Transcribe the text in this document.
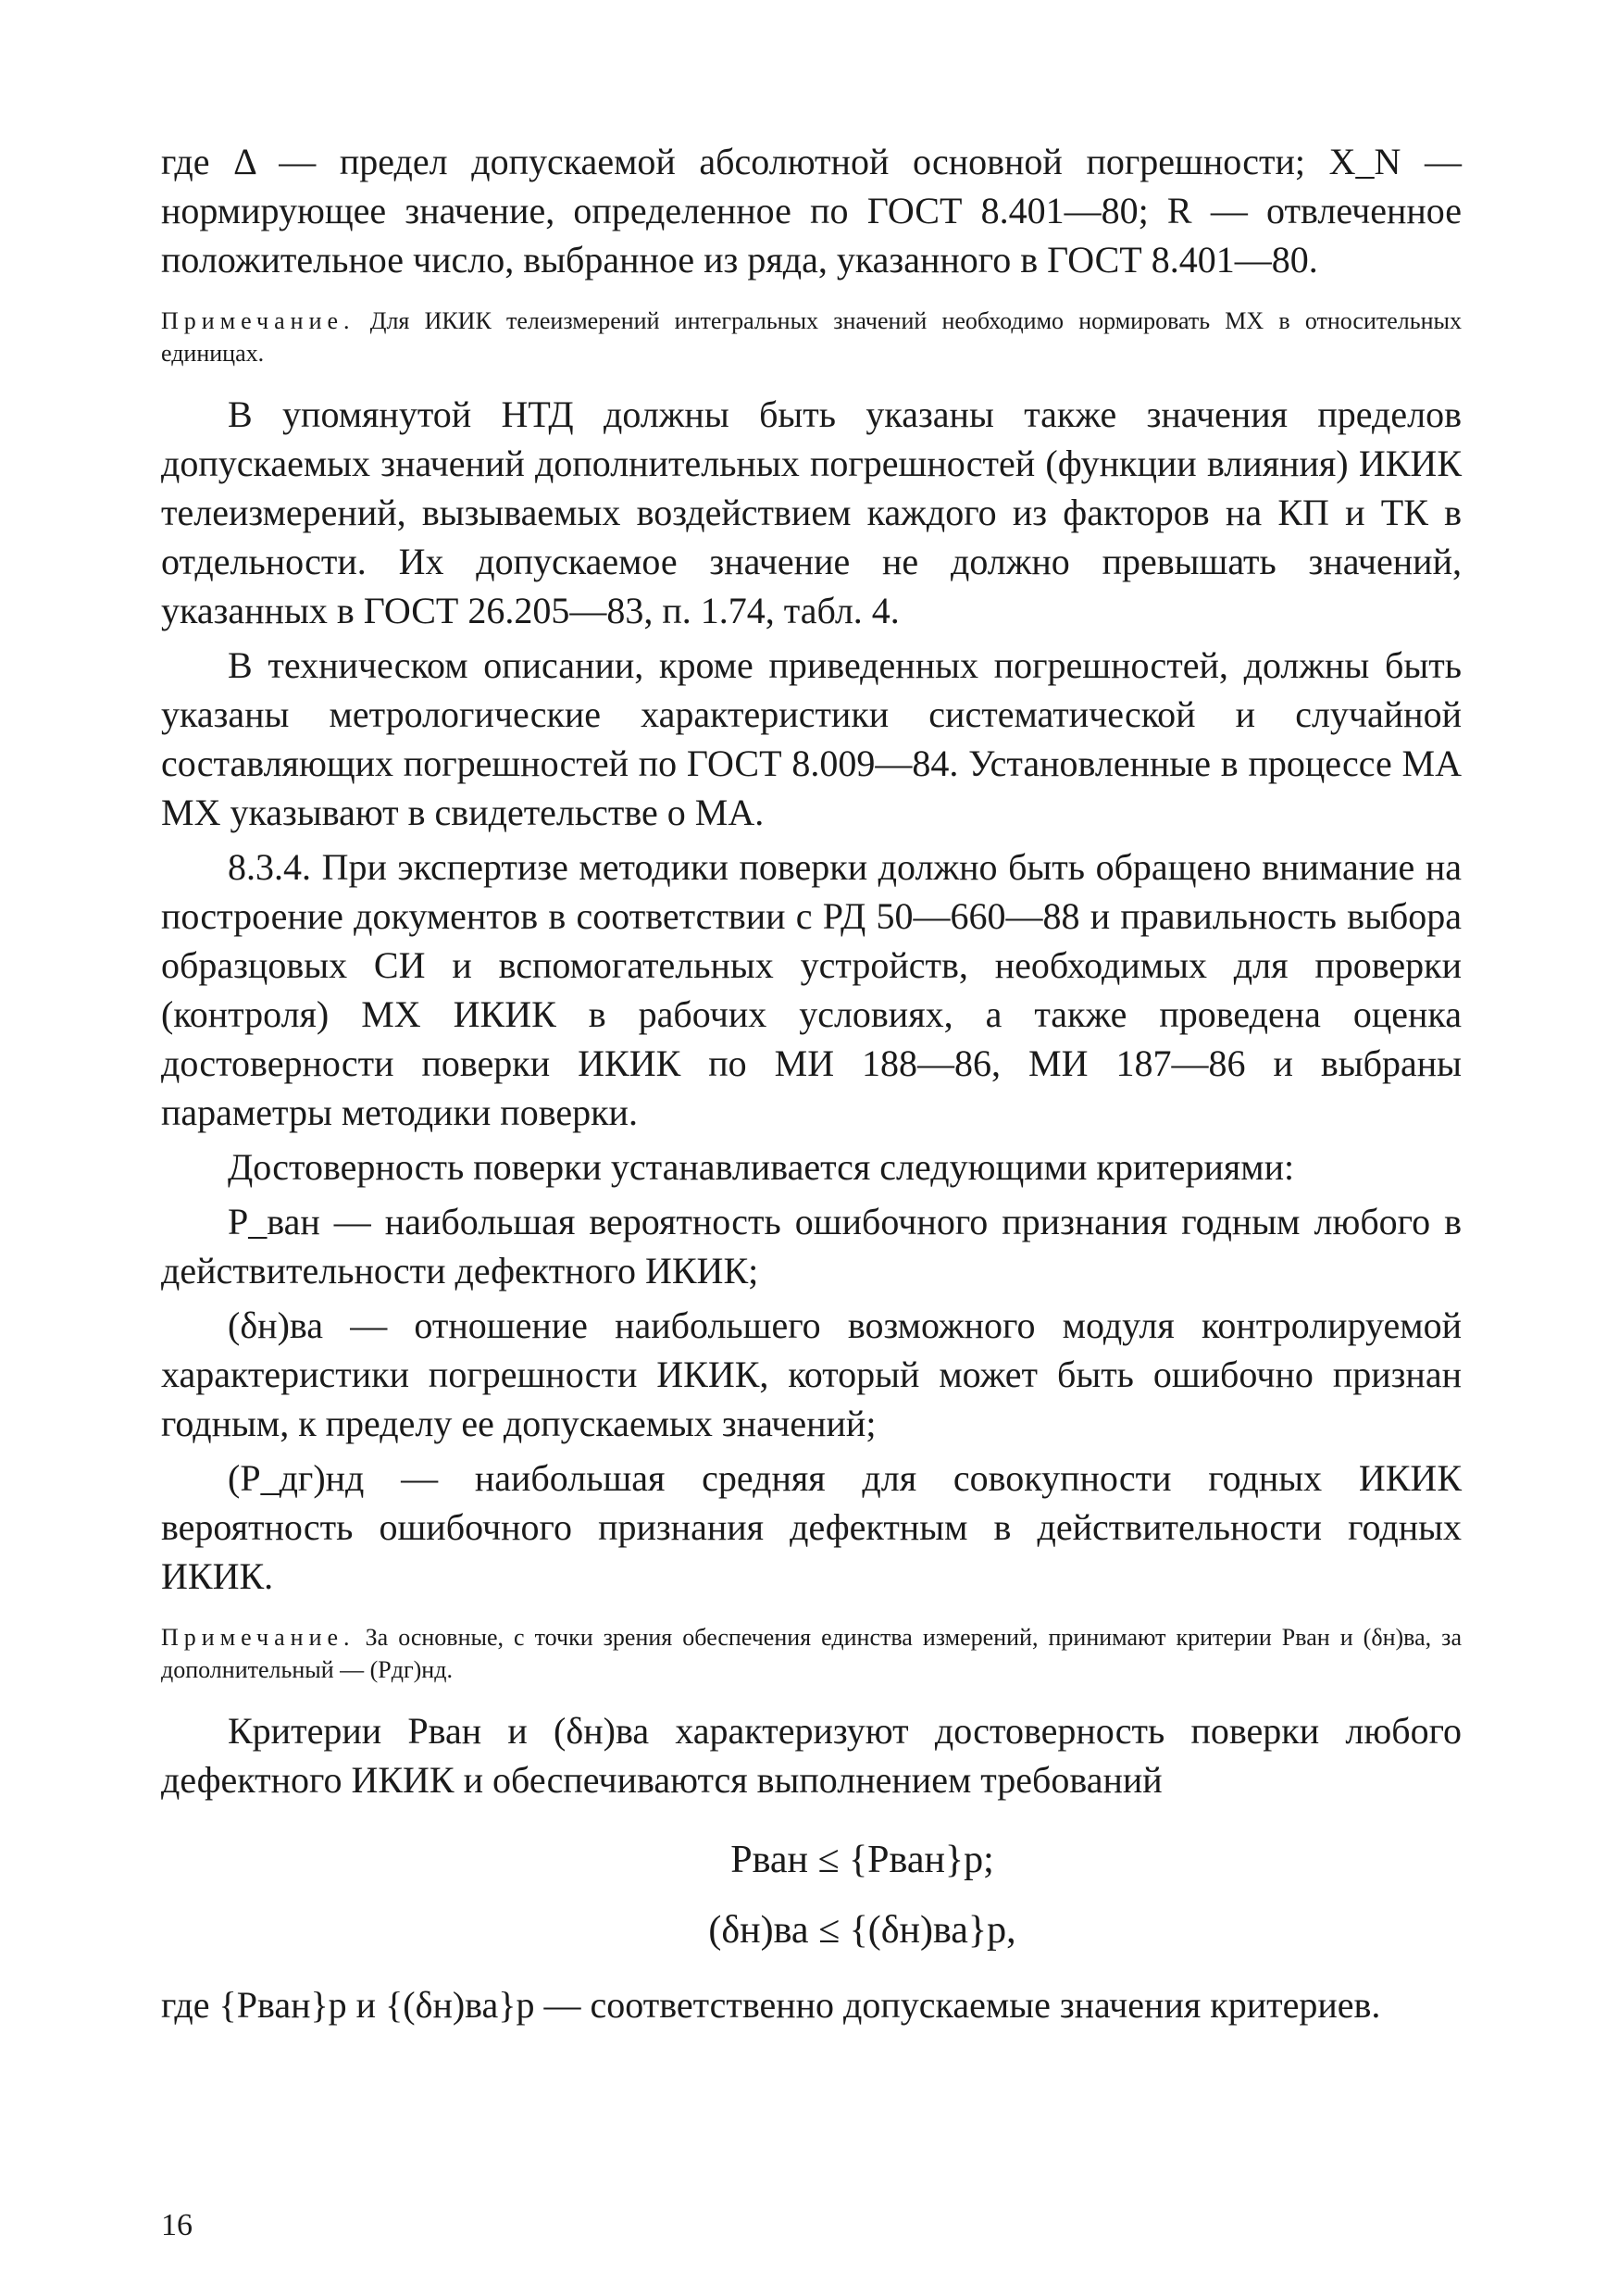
где Δ — предел допускаемой абсолютной основной погрешности; X_N — нормирующее значение, определенное по ГОСТ 8.401—80; R — отвлеченное положительное число, выбранное из ряда, указанного в ГОСТ 8.401—80.

Примечание. Для ИКИК телеизмерений интегральных значений необходимо нормировать МХ в относительных единицах.

В упомянутой НТД должны быть указаны также значения пределов допускаемых значений дополнительных погрешностей (функции влияния) ИКИК телеизмерений, вызываемых воздействием каждого из факторов на КП и ТК в отдельности. Их допускаемое значение не должно превышать значений, указанных в ГОСТ 26.205—83, п. 1.74, табл. 4.

В техническом описании, кроме приведенных погрешностей, должны быть указаны метрологические характеристики систематической и случайной составляющих погрешностей по ГОСТ 8.009—84. Установленные в процессе МА МХ указывают в свидетельстве о МА.

8.3.4. При экспертизе методики поверки должно быть обращено внимание на построение документов в соответствии с РД 50—660—88 и правильность выбора образцовых СИ и вспомогательных устройств, необходимых для проверки (контроля) МХ ИКИК в рабочих условиях, а также проведена оценка достоверности поверки ИКИК по МИ 188—86, МИ 187—86 и выбраны параметры методики поверки.

Достоверность поверки устанавливается следующими критериями:

P_ван — наибольшая вероятность ошибочного признания годным любого в действительности дефектного ИКИК;

(δн)ва — отношение наибольшего возможного модуля контролируемой характеристики погрешности ИКИК, который может быть ошибочно признан годным, к пределу ее допускаемых значений;

(P_дг)нд — наибольшая средняя для совокупности годных ИКИК вероятность ошибочного признания дефектным в действительности годных ИКИК.

Примечание. За основные, с точки зрения обеспечения единства измерений, принимают критерии Pван и (δн)ва, за дополнительный — (Pдг)нд.

Критерии Pван и (δн)ва характеризуют достоверность поверки любого дефектного ИКИК и обеспечиваются выполнением требований

Pван ≤ {Pван}р;
(δн)ва ≤ {(δн)ва}р,

где {Pван}р и {(δн)ва}р — соответственно допускаемые значения критериев.

16
